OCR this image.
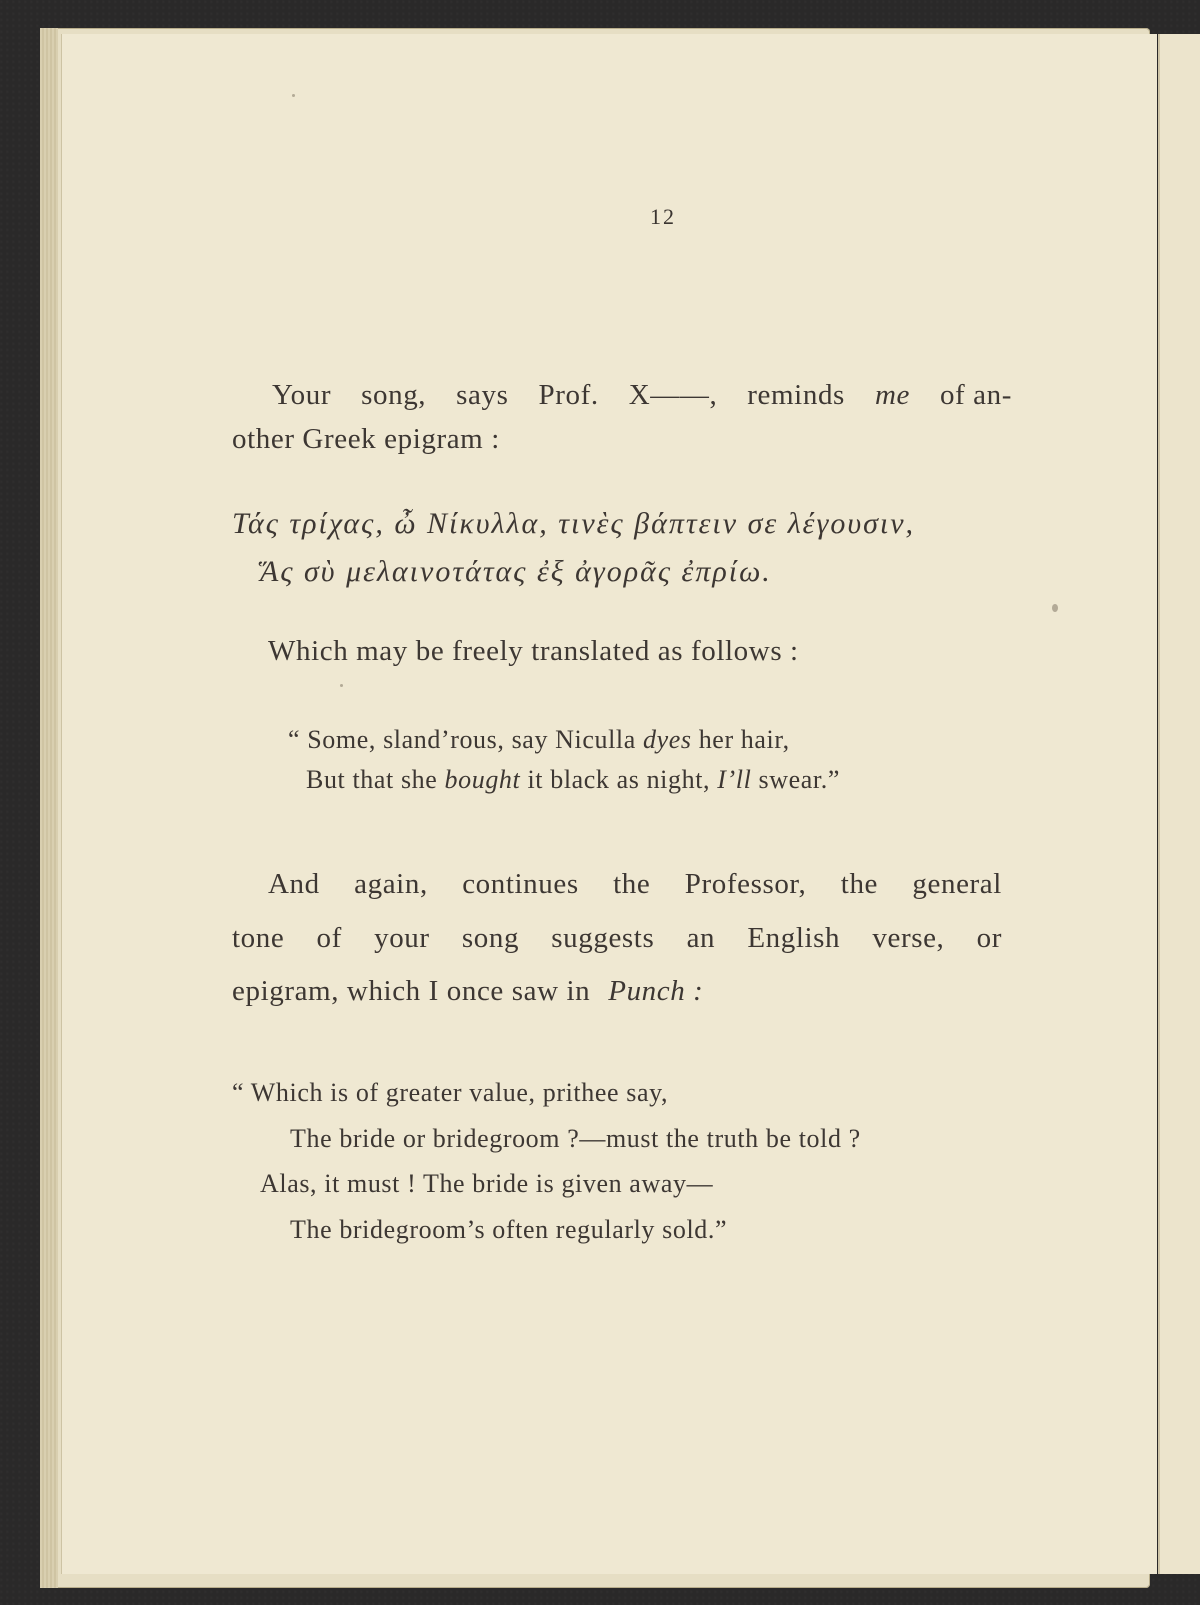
12
Your song, says Prof. X——, reminds me of an-
other Greek epigram :
Τάς τρίχας, ὦ Νίκυλλα, τινὲς βάπτειν σε λέγουσιν,
Ἅς σὺ μελαινοτάτας ἐξ ἀγορᾶς ἐπρίω.
Which may be freely translated as follows :
“ Some, sland’rous, say Niculla dyes her hair,
But that she bought it black as night, I’ll swear.”
And again, continues the Professor, the general
tone of your song suggests an English verse, or
epigram, which I once saw in Punch :
“ Which is of greater value, prithee say,
The bride or bridegroom ?—must the truth be told ?
Alas, it must ! The bride is given away—
The bridegroom’s often regularly sold.”
